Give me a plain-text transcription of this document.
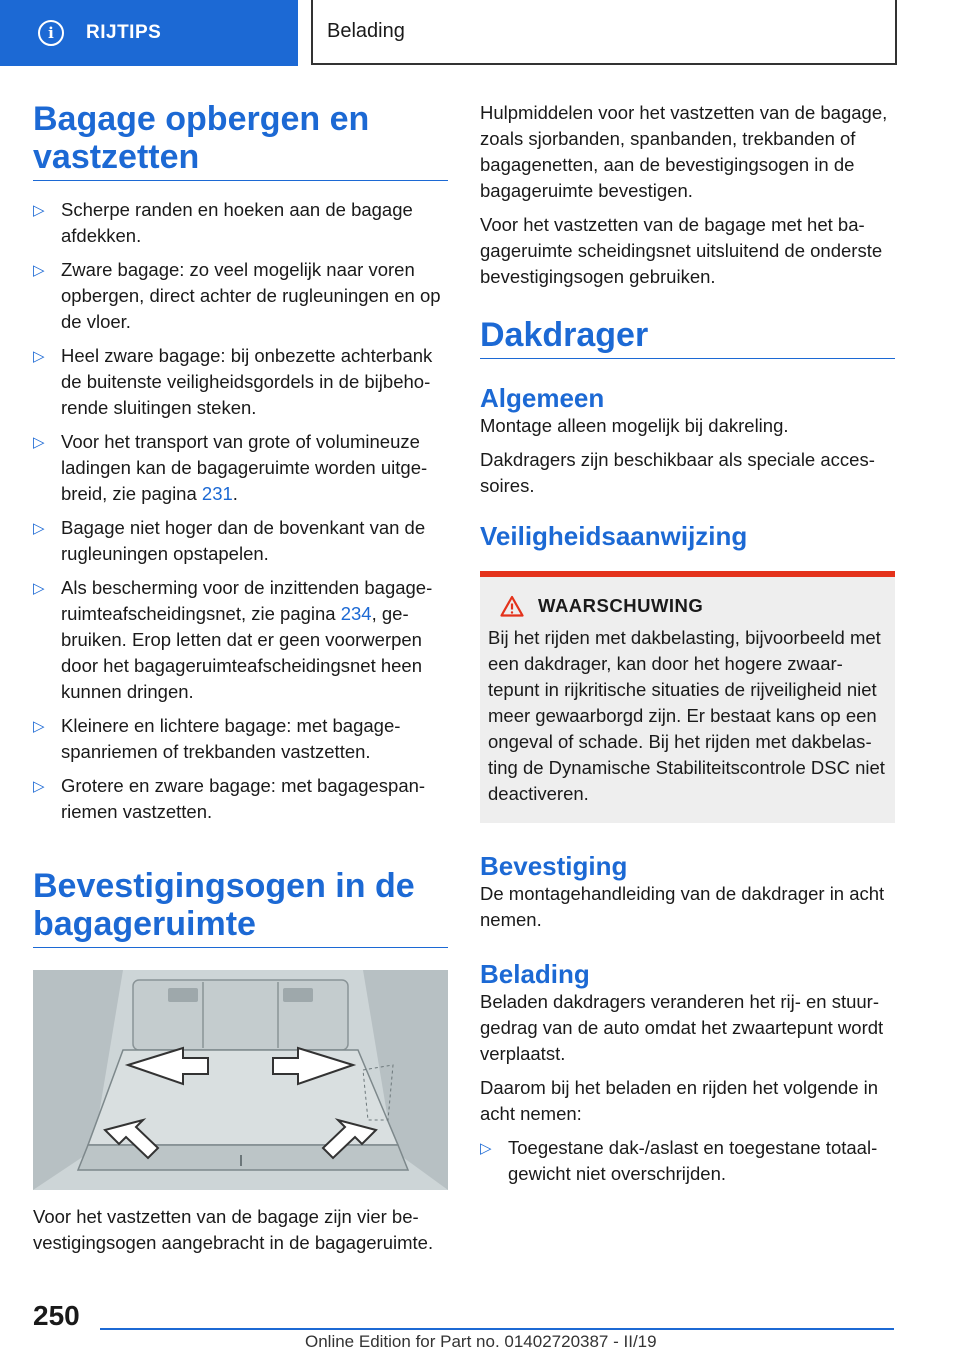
i	RIJTIPS	Belading
Bagage opbergen en vastzetten
▷ Scherpe randen en hoeken aan de bagage afdekken.
▷ Zware bagage: zo veel mogelijk naar voren opbergen, direct achter de rugleuningen en op de vloer.
▷ Heel zware bagage: bij onbezette achterbank de buitenste veiligheidsgordels in de bijbehorende sluitingen steken.
▷ Voor het transport van grote of volumineuze ladingen kan de bagageruimte worden uitgebreid, zie pagina 231.
▷ Bagage niet hoger dan de bovenkant van de rugleuningen opstapelen.
▷ Als bescherming voor de inzittenden bagageruimteafscheidingsnet, zie pagina 234, gebruiken. Erop letten dat er geen voorwerpen door het bagageruimteafscheidingsnet heen kunnen dringen.
▷ Kleinere en lichtere bagage: met bagagespanriemen of trekbanden vastzetten.
▷ Grotere en zware bagage: met bagagespanriemen vastzetten.
Bevestigingsogen in de bagageruimte

Voor het vastzetten van de bagage zijn vier bevestigingsogen aangebracht in de bagageruimte.

Hulpmiddelen voor het vastzetten van de bagage, zoals sjorbanden, spanbanden, trekbanden of bagagenetten, aan de bevestigingsogen in de bagageruimte bevestigen.

Voor het vastzetten van de bagage met het bagageruimte scheidingsnet uitsluitend de onderste bevestigingsogen gebruiken.

Dakdrager
Algemeen

Montage alleen mogelijk bij dakreling.

Dakdragers zijn beschikbaar als speciale accessoires.

Veiligheidsaanwijzing
WAARSCHUWING

Bij het rijden met dakbelasting, bijvoorbeeld met een dakdrager, kan door het hogere zwaartepunt in rijkritische situaties de rijveiligheid niet meer gewaarborgd zijn. Er bestaat kans op een ongeval of schade. Bij het rijden met dakbelasting de Dynamische Stabiliteitscontrole DSC niet deactiveren.

Bevestiging

De montagehandleiding van de dakdrager in acht nemen.

Belading

Beladen dakdragers veranderen het rij- en stuurgedrag van de auto omdat het zwaartepunt wordt verplaatst.

Daarom bij het beladen en rijden het volgende in acht nemen:

▷ Toegestane dak-/aslast en toegestane totaalgewicht niet overschrijden.
250
Online Edition for Part no. 01402720387 - II/19
